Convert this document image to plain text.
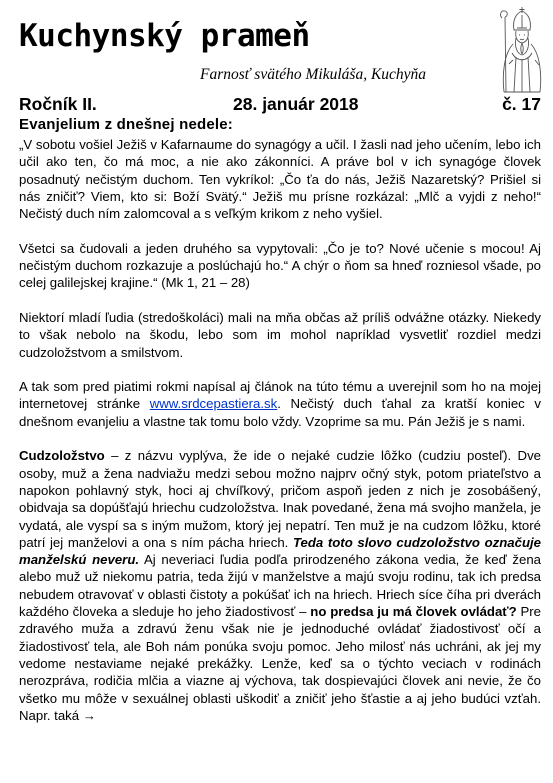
Kuchynský prameň
Farnosť svätého Mikuláša, Kuchyňa
Ročník II.	28. január 2018	č. 17
Evanjelium z dnešnej nedele:

„V sobotu vošiel Ježiš v Kafarnaume do synagógy a učil. I žasli nad jeho učením, lebo ich učil ako ten, čo má moc, a nie ako zákonníci. A práve bol v ich synagóge človek posadnutý nečistým duchom. Ten vykríkol: „Čo ťa do nás, Ježiš Nazaretský? Prišiel si nás zničiť? Viem, kto si: Boží Svätý.“ Ježiš mu prísne rozkázal: „Mlč a vyjdi z neho!“ Nečistý duch ním zalomcoval a s veľkým krikom z neho vyšiel.

Všetci sa čudovali a jeden druhého sa vypytovali: „Čo je to? Nové učenie s mocou! Aj nečistým duchom rozkazuje a poslúchajú ho.“ A chýr o ňom sa hneď rozniesol všade, po celej galilejskej krajine.“ (Mk 1, 21 – 28)

Niektorí mladí ľudia (stredoškoláci) mali na mňa občas až príliš odvážne otázky. Niekedy to však nebolo na škodu, lebo som im mohol napríklad vysvetliť rozdiel medzi cudzoložstvom a smilstvom.

A tak som pred piatimi rokmi napísal aj článok na túto tému a uverejnil som ho na mojej internetovej stránke www.srdcepastiera.sk. Nečistý duch ťahal za kratší koniec v dnešnom evanjeliu a vlastne tak tomu bolo vždy. Vzoprime sa mu. Pán Ježiš je s nami.

Cudzoložstvo – z názvu vyplýva, že ide o nejaké cudzie lôžko (cudziu posteľ). Dve osoby, muž a žena nadviažu medzi sebou možno najprv očný styk, potom priateľstvo a napokon pohlavný styk, hoci aj chvíľkový, pričom aspoň jeden z nich je zosobášený, obidvaja sa dopúšťajú hriechu cudzoložstva. Inak povedané, žena má svojho manžela, je vydatá, ale vyspí sa s iným mužom, ktorý jej nepatrí. Ten muž je na cudzom lôžku, ktoré patrí jej manželovi a ona s ním pácha hriech. Teda toto slovo cudzoložstvo označuje manželskú neveru. Aj neveriaci ľudia podľa prirodzeného zákona vedia, že keď žena alebo muž už niekomu patria, teda žijú v manželstve a majú svoju rodinu, tak ich predsa nebudem otravovať v oblasti čistoty a pokúšať ich na hriech. Hriech síce číha pri dverách každého človeka a sleduje ho jeho žiadostivosť – no predsa ju má človek ovládať? Pre zdravého muža a zdravú ženu však nie je jednoduché ovládať žiadostivosť očí a žiadostivosť tela, ale Boh nám ponúka svoju pomoc. Jeho milosť nás uchráni, ak jej my vedome nestaviame nejaké prekážky. Lenže, keď sa o týchto veciach v rodinách nerozpráva, rodičia mlčia a viazne aj výchova, tak dospievajúci človek ani nevie, že čo všetko mu môže v sexuálnej oblasti uškodiť a zničiť jeho šťastie a aj jeho budúci vzťah. Napr. taká →
